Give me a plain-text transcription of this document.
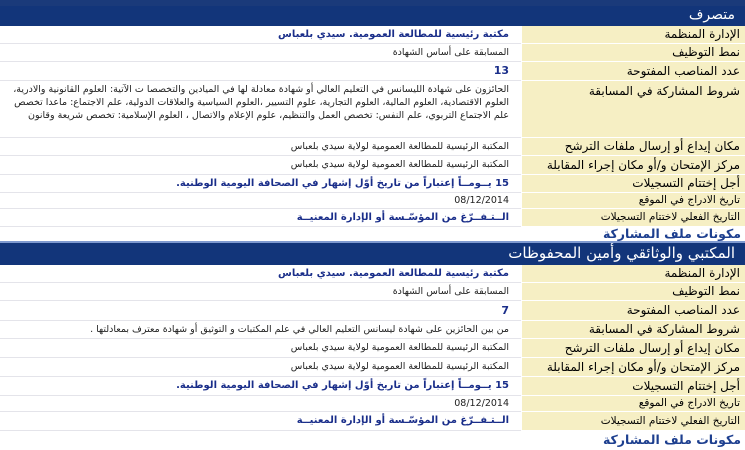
متصرف
الإدارة المنظمة
مكتبة رئيسية للمطالعة العمومية. سيدي بلعباس
نمط التوظيف
المسابقة على أساس الشهادة
عدد المناصب المفتوحة
13
شروط المشاركة في المسابقة
الحائزون على شهادة الليسانس في التعليم العالي أو شهادة معادلة لها في الميادين والتخصصا ت الآتية: العلوم القانونية والادرية، العلوم الاقتصادية، العلوم المالية، العلوم التجارية، علوم التسيير ،العلوم السياسية والعلاقات الدولية، علم الاجتماع: ماعدا تخصص علم الاجتماع التربوي، علم النفس: تخصص العمل والتنظيم، علوم الإعلام والاتصال ، العلوم الإسلامية: تخصص شريعة وقانون
مكان إيداع أو إرسال ملفات الترشح
المكتبة الرئيسية للمطالعة العمومية لولاية سيدي بلعباس
مركز الإمتحان و/أو مكان إجراء المقابلة
المكتبة الرئيسية للمطالعة العمومية لولاية سيدي بلعباس
أجل إختتام التسجيلات
15 يــومــاً إعتباراً من تاريخ أوّل إشهار في الصحافة اليومية الوطنية.
تاريخ الادراج في الموقع
08/12/2014
التاريخ الفعلي لاختتام التسجيلات
الــتـفــرّغ من المؤسّـسة أو الإدارة المعنيــة
مكونات ملف المشاركة
المكتبي والوثائقي وأمين المحفوظات
الإدارة المنظمة
مكتبة رئيسية للمطالعة العمومية. سيدي بلعباس
نمط التوظيف
المسابقة على أساس الشهادة
عدد المناصب المفتوحة
7
شروط المشاركة في المسابقة
من بين الحائزين على شهادة ليسانس التعليم العالي في علم المكتبات و التوثيق أو شهادة معترف بمعادلتها .
مكان إيداع أو إرسال ملفات الترشح
المكتبة الرئيسية للمطالعة العمومية لولاية سيدي بلعباس
مركز الإمتحان و/أو مكان إجراء المقابلة
المكتبة الرئيسية للمطالعة العمومية لولاية سيدي بلعباس
أجل إختتام التسجيلات
15 يــومــاً إعتباراً من تاريخ أوّل إشهار في الصحافة اليومية الوطنية.
تاريخ الادراج في الموقع
08/12/2014
التاريخ الفعلي لاختتام التسجيلات
الــتـفــرّغ من المؤسّـسة أو الإدارة المعنيــة
مكونات ملف المشاركة
